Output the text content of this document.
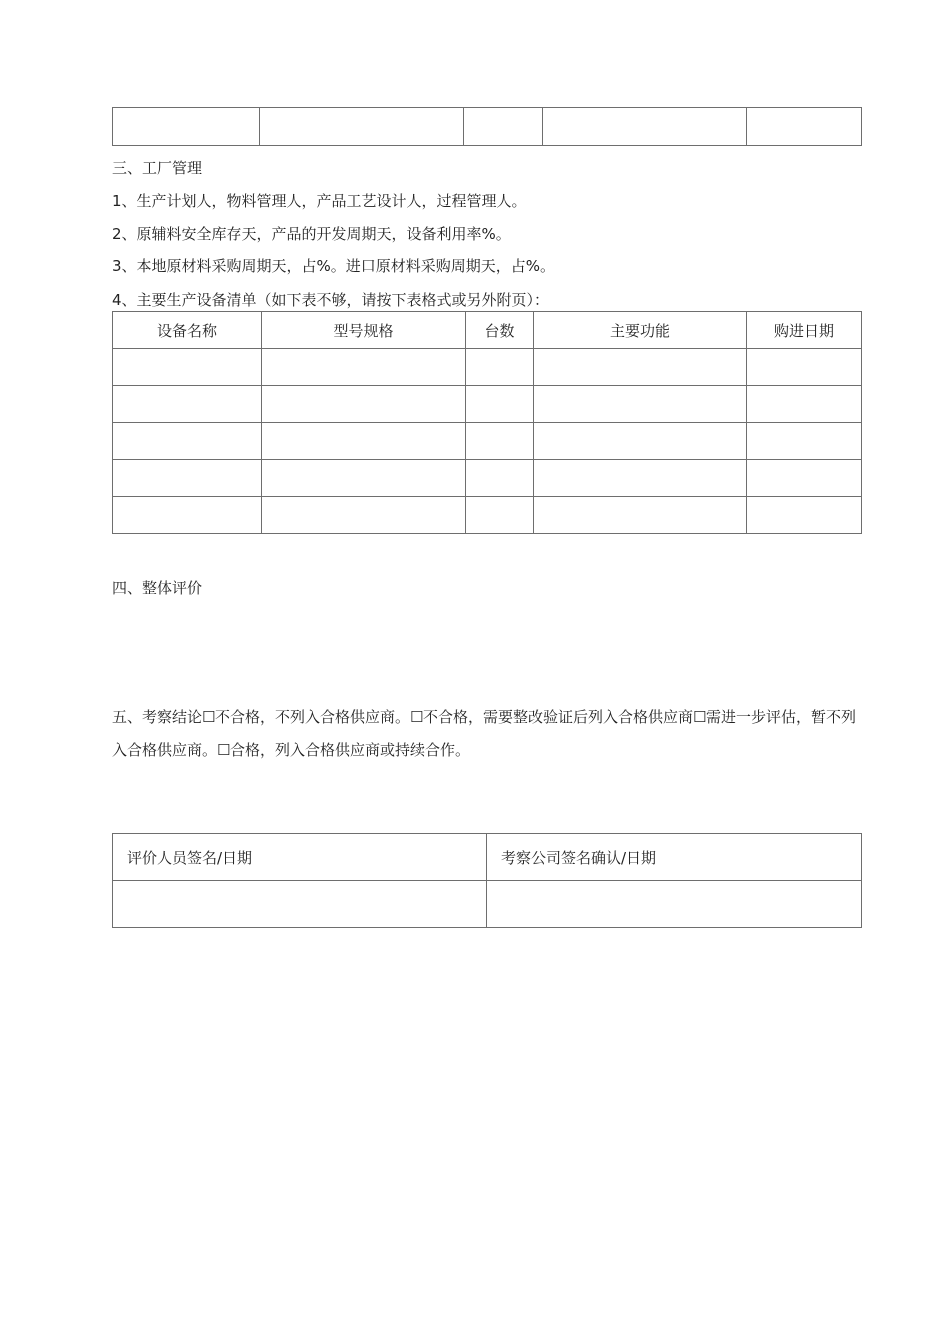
三、工厂管理
1、生产计划人，物料管理人，产品工艺设计人，过程管理人。
2、原辅料安全库存天，产品的开发周期天，设备利用率%。
3、本地原材料采购周期天，占%。进口原材料采购周期天，占%。
4、主要生产设备清单（如下表不够，请按下表格式或另外附页）：
设备名称	型号规格	台数	主要功能	购进日期

四、整体评价
五、考察结论☐不合格，不列入合格供应商。☐不合格，需要整改验证后列入合格供应商☐需进一步评估，暂不列入合格供应商。☐合格，列入合格供应商或持续合作。
评价人员签名/日期	考察公司签名确认/日期
